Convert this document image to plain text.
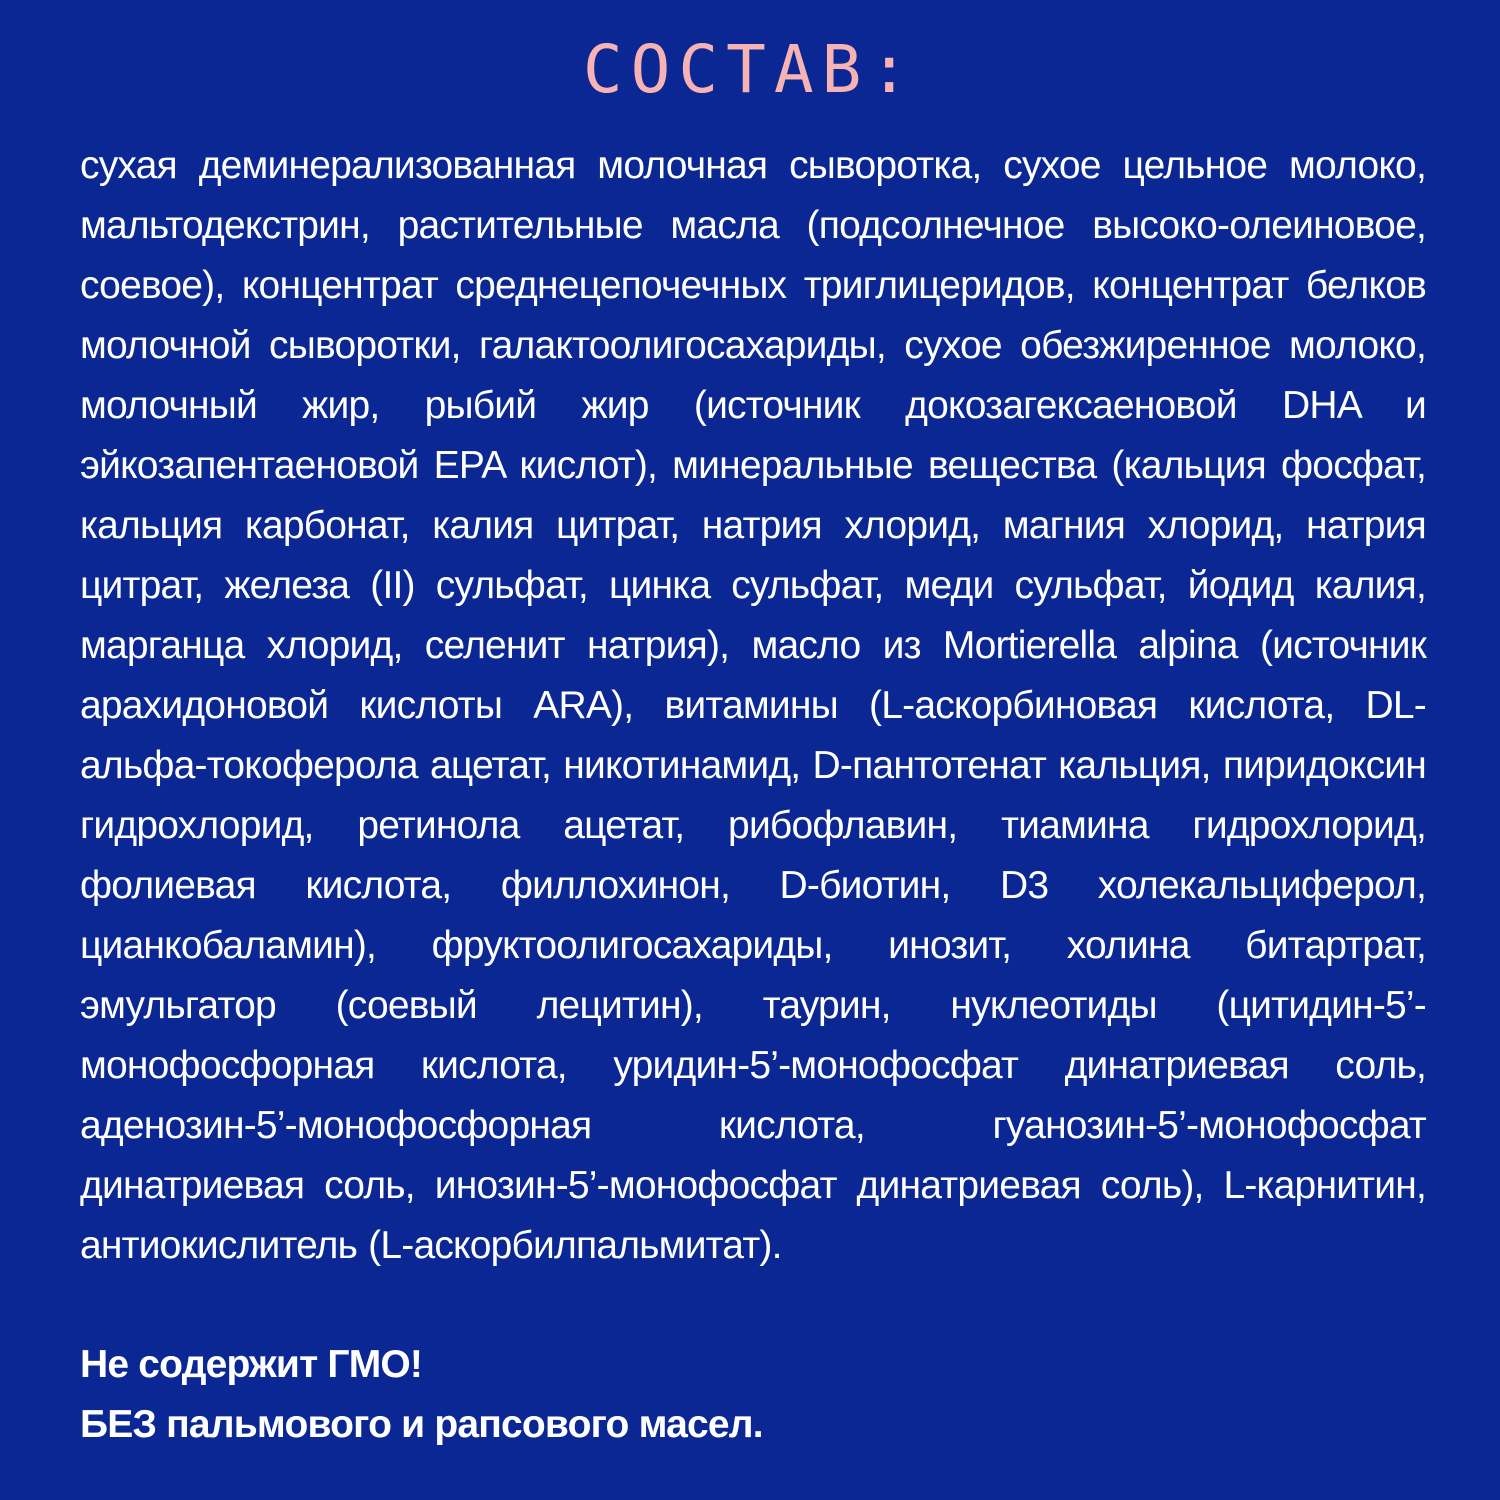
СОСТАВ:

сухая деминерализованная молочная сыворотка, сухое цельное молоко, мальтодекстрин, растительные масла (подсолнечное высоко-олеиновое, соевое), концентрат среднецепочечных триглицеридов, концентрат белков молочной сыворотки, галактоолигосахариды, сухое обезжиренное молоко, молочный жир, рыбий жир (источник докозагексаеновой DHA и эйкозапентаеновой EPA кислот), минеральные вещества (кальция фосфат, кальция карбонат, калия цитрат, натрия хлорид, магния хлорид, натрия цитрат, железа (II) сульфат, цинка сульфат, меди сульфат, йодид калия, марганца хлорид, селенит натрия), масло из Mortierella alpina (источник арахидоновой кислоты ARA), витамины (L-аскорбиновая кислота, DL-альфа-токоферола ацетат, никотинамид, D-пантотенат кальция, пиридоксин гидрохлорид, ретинола ацетат, рибофлавин, тиамина гидрохлорид, фолиевая кислота, филлохинон, D-биотин, D3 холекальциферол, цианкобаламин), фруктоолигосахариды, инозит, холина битартрат, эмульгатор (соевый лецитин), таурин, нуклеотиды (цитидин-5’-монофосфорная кислота, уридин-5’-монофосфат динатриевая соль, аденозин-5’-монофосфорная кислота, гуанозин-5’-монофосфат динатриевая соль, инозин-5’-монофосфат динатриевая соль), L-карнитин, антиокислитель (L-аскорбилпальмитат).

Не содержит ГМО!

БЕЗ пальмового и рапсового масел.
